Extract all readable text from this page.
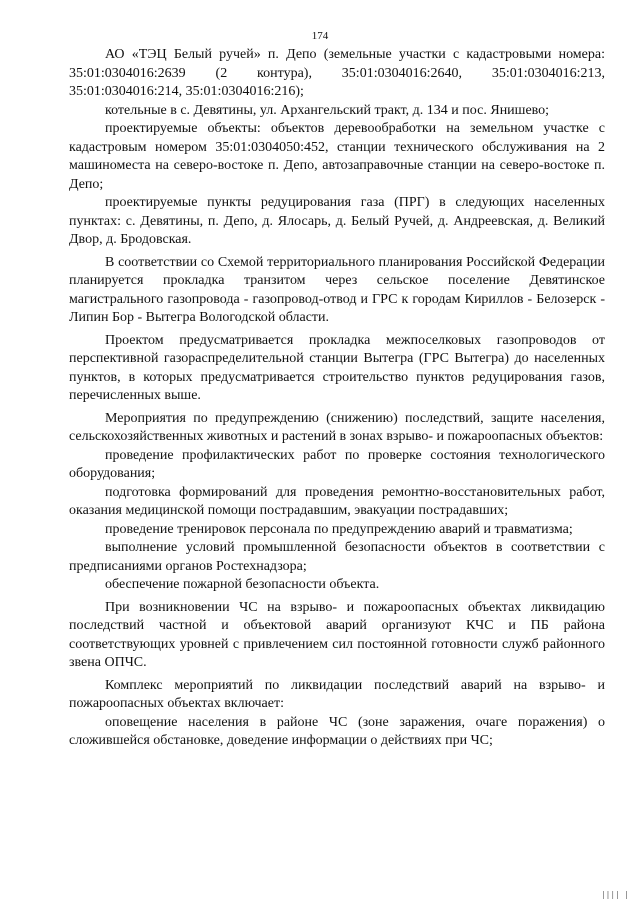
174

АО «ТЭЦ Белый ручей» п. Депо (земельные участки с кадастровыми номера: 35:01:0304016:2639 (2 контура), 35:01:0304016:2640, 35:01:0304016:213, 35:01:0304016:214, 35:01:0304016:216);

котельные в с. Девятины, ул. Архангельский тракт, д. 134 и пос. Янишево;

проектируемые объекты: объектов деревообработки на земельном участке с кадастровым номером 35:01:0304050:452, станции технического обслуживания на 2 машиноместа на северо-востоке п. Депо, автозаправочные станции на северо-востоке п. Депо;

проектируемые пункты редуцирования газа (ПРГ) в следующих населенных пунктах: с. Девятины, п. Депо, д. Ялосарь, д. Белый Ручей, д. Андреевская, д. Великий Двор, д. Бродовская.

В соответствии со Схемой территориального планирования Российской Федерации планируется прокладка транзитом через сельское поселение Девятинское магистрального газопровода - газопровод-отвод и ГРС к городам Кириллов - Белозерск - Липин Бор - Вытегра Вологодской области.

Проектом предусматривается прокладка межпоселковых газопроводов от перспективной газораспределительной станции Вытегра (ГРС Вытегра) до населенных пунктов, в которых предусматривается строительство пунктов редуцирования газов, перечисленных выше.

Мероприятия по предупреждению (снижению) последствий, защите населения, сельскохозяйственных животных и растений в зонах взрыво- и пожароопасных объектов:

проведение профилактических работ по проверке состояния технологического оборудования;

подготовка формирований для проведения ремонтно-восстановительных работ, оказания медицинской помощи пострадавшим, эвакуации пострадавших;

проведение тренировок персонала по предупреждению аварий и травматизма;

выполнение условий промышленной безопасности объектов в соответствии с предписаниями органов Ростехнадзора;

обеспечение пожарной безопасности объекта.

При возникновении ЧС на взрыво- и пожароопасных объектах ликвидацию последствий частной и объектовой аварий организуют КЧС и ПБ района соответствующих уровней с привлечением сил постоянной готовности служб районного звена ОПЧС.

Комплекс мероприятий по ликвидации последствий аварий на взрыво- и пожароопасных объектах включает:

оповещение населения в районе ЧС (зоне заражения, очаге поражения) о сложившейся обстановке, доведение информации о действиях при ЧС;

|||| |
